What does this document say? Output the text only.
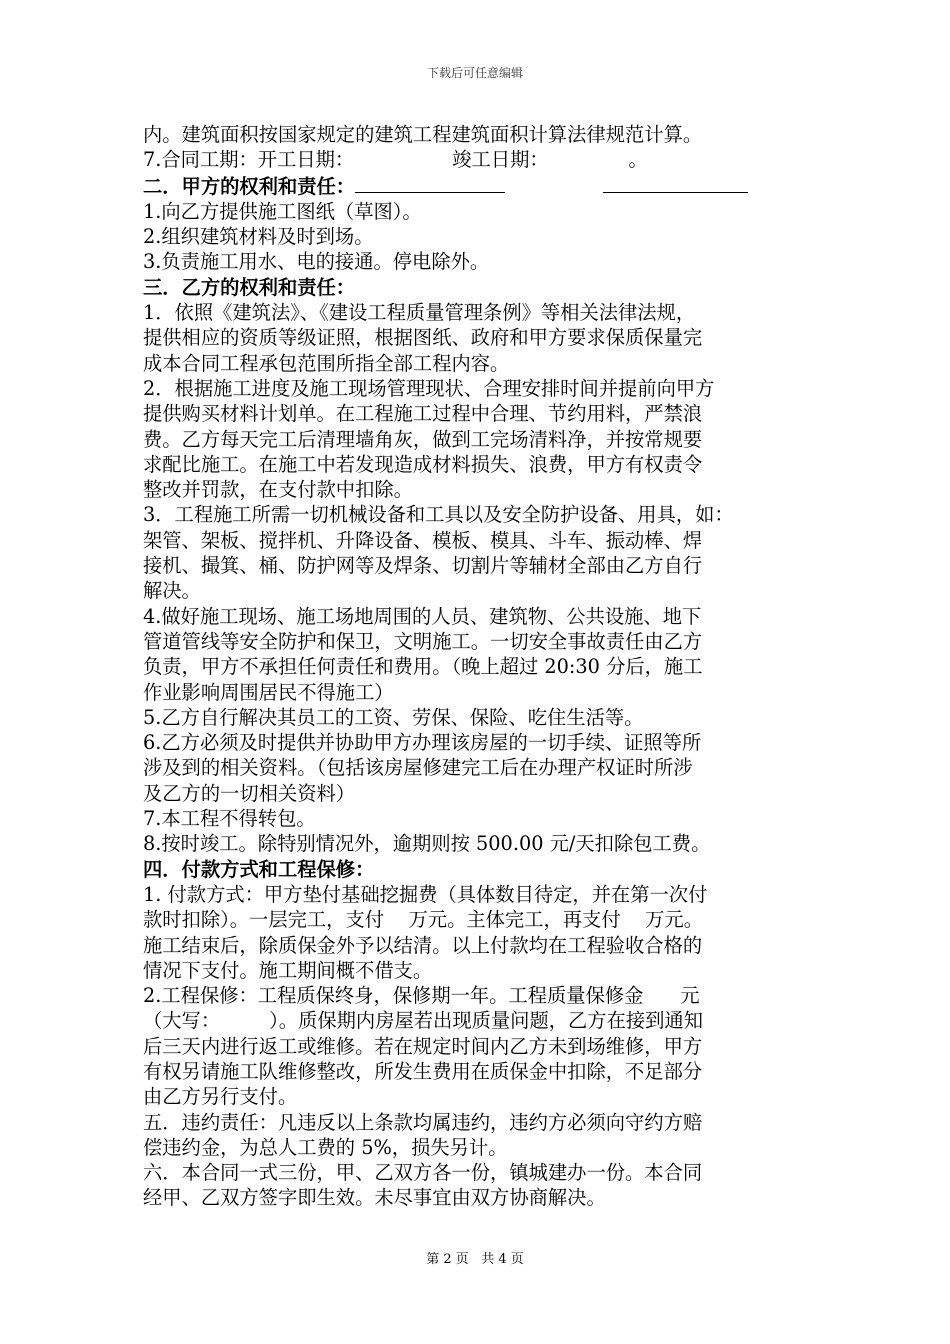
下载后可任意编辑

内。建筑面积按国家规定的建筑工程建筑面积计算法律规范计算。

7.合同工期：开工日期：                竣工日期：             。

二．甲方的权利和责任：

1.向乙方提供施工图纸（草图）。

2.组织建筑材料及时到场。

3.负责施工用水、电的接通。停电除外。

三．乙方的权利和责任：

1．依照《建筑法》、《建设工程质量管理条例》等相关法律法规，

提供相应的资质等级证照，根据图纸、政府和甲方要求保质保量完

成本合同工程承包范围所指全部工程内容。

2．根据施工进度及施工现场管理现状、合理安排时间并提前向甲方

提供购买材料计划单。在工程施工过程中合理、节约用料，严禁浪

费。乙方每天完工后清理墙角灰，做到工完场清料净，并按常规要

求配比施工。在施工中若发现造成材料损失、浪费，甲方有权责令

整改并罚款，在支付款中扣除。

3．工程施工所需一切机械设备和工具以及安全防护设备、用具，如：

架管、架板、搅拌机、升降设备、模板、模具、斗车、振动棒、焊

接机、撮箕、桶、防护网等及焊条、切割片等辅材全部由乙方自行

解决。

4.做好施工现场、施工场地周围的人员、建筑物、公共设施、地下

管道管线等安全防护和保卫，文明施工。一切安全事故责任由乙方

负责，甲方不承担任何责任和费用。（晚上超过 20:30 分后，施工

作业影响周围居民不得施工）

5.乙方自行解决其员工的工资、劳保、保险、吃住生活等。

6.乙方必须及时提供并协助甲方办理该房屋的一切手续、证照等所

涉及到的相关资料。（包括该房屋修建完工后在办理产权证时所涉

及乙方的一切相关资料）

7.本工程不得转包。

8.按时竣工。除特别情况外，逾期则按 500.00 元/天扣除包工费。

四．付款方式和工程保修：

1. 付款方式：甲方垫付基础挖掘费（具体数目待定，并在第一次付

款时扣除）。一层完工，支付    万元。主体完工，再支付    万元。

施工结束后，除质保金外予以结清。以上付款均在工程验收合格的

情况下支付。施工期间概不借支。

2.工程保修：工程质保终身，保修期一年。工程质量保修金      元

（大写：        ）。质保期内房屋若出现质量问题，乙方在接到通知

后三天内进行返工或维修。若在规定时间内乙方未到场维修，甲方

有权另请施工队维修整改，所发生费用在质保金中扣除，不足部分

由乙方另行支付。

五．违约责任：凡违反以上条款均属违约，违约方必须向守约方赔

偿违约金，为总人工费的 5%，损失另计。

六．本合同一式三份，甲、乙双方各一份，镇城建办一份。本合同

经甲、乙双方签字即生效。未尽事宜由双方协商解决。

第 2 页   共 4 页
